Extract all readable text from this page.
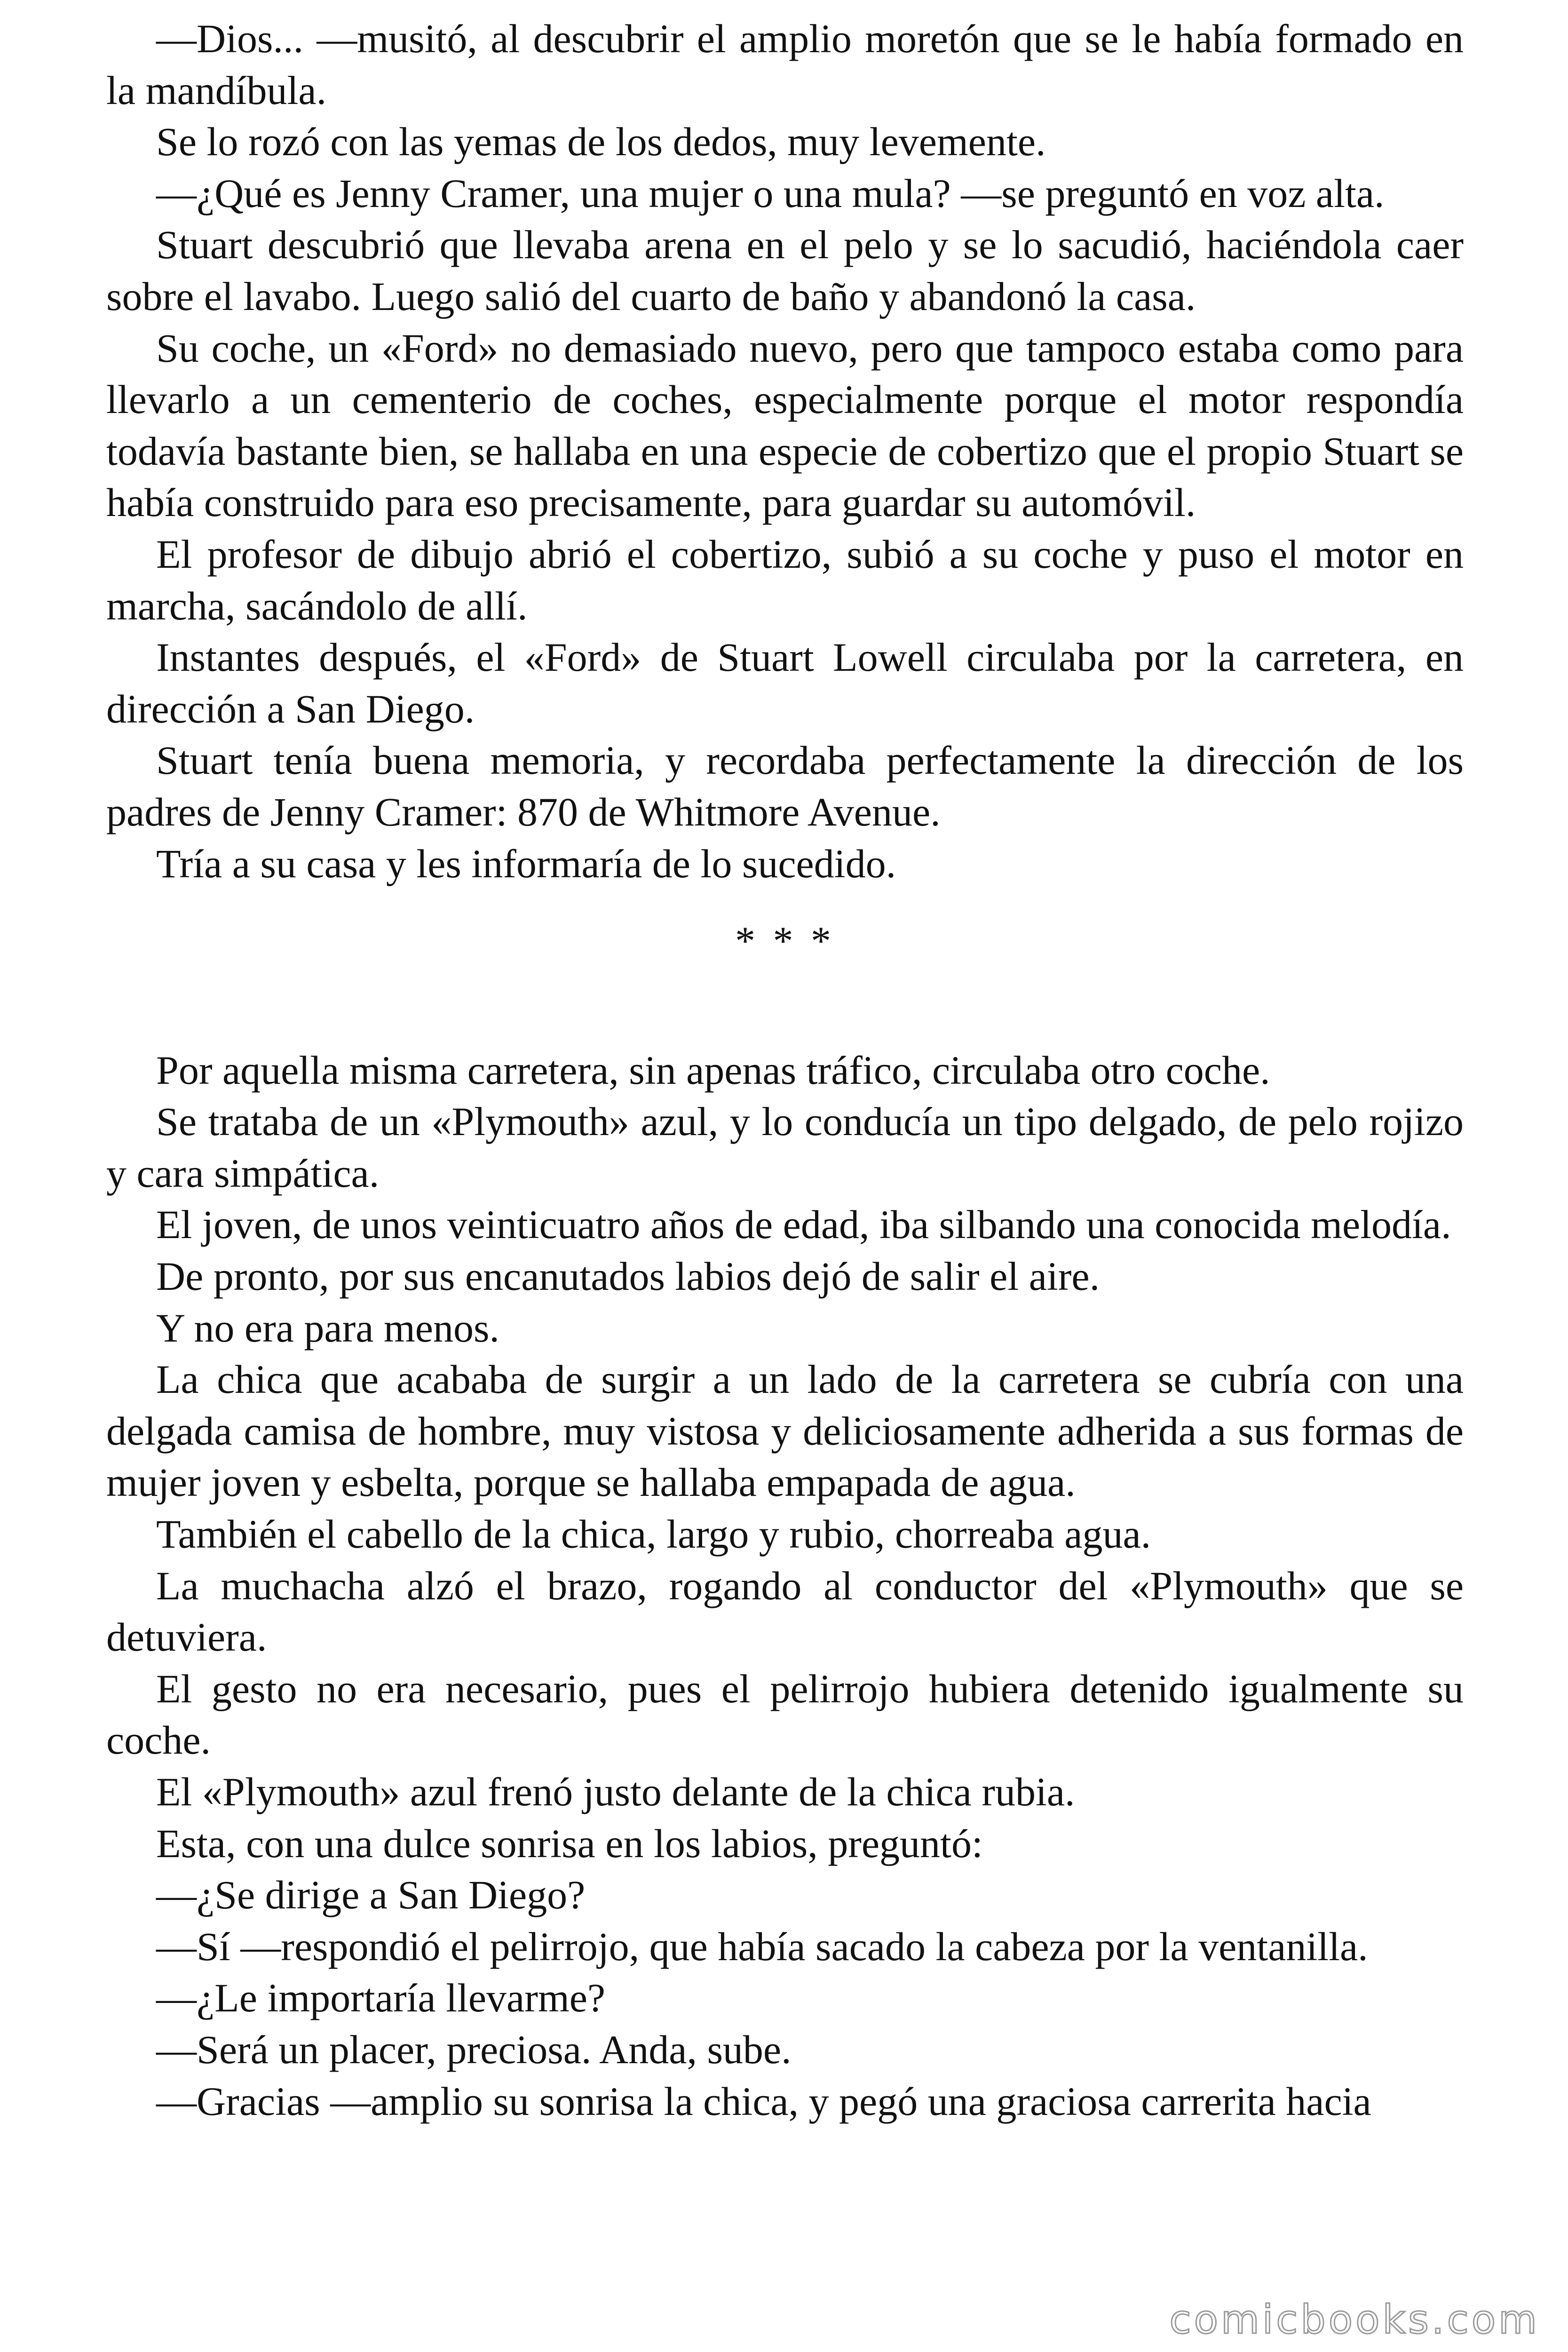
—Dios... —musitó, al descubrir el amplio moretón que se le había formado en la mandíbula.

Se lo rozó con las yemas de los dedos, muy levemente.

—¿Qué es Jenny Cramer, una mujer o una mula? —se preguntó en voz alta.

Stuart descubrió que llevaba arena en el pelo y se lo sacudió, haciéndola caer sobre el lavabo. Luego salió del cuarto de baño y abandonó la casa.

Su coche, un «Ford» no demasiado nuevo, pero que tampoco estaba como para llevarlo a un cementerio de coches, especialmente porque el motor respondía todavía bastante bien, se hallaba en una especie de cobertizo que el propio Stuart se había construido para eso precisamente, para guardar su automóvil.

El profesor de dibujo abrió el cobertizo, subió a su coche y puso el motor en marcha, sacándolo de allí.

Instantes después, el «Ford» de Stuart Lowell circulaba por la carretera, en dirección a San Diego.

Stuart tenía buena memoria, y recordaba perfectamente la dirección de los padres de Jenny Cramer: 870 de Whitmore Avenue.

Tría a su casa y les informaría de lo sucedido.

* * *

Por aquella misma carretera, sin apenas tráfico, circulaba otro coche.

Se trataba de un «Plymouth» azul, y lo conducía un tipo delgado, de pelo rojizo y cara simpática.

El joven, de unos veinticuatro años de edad, iba silbando una conocida melodía.

De pronto, por sus encanutados labios dejó de salir el aire.

Y no era para menos.

La chica que acababa de surgir a un lado de la carretera se cubría con una delgada camisa de hombre, muy vistosa y deliciosamente adherida a sus formas de mujer joven y esbelta, porque se hallaba empapada de agua.

También el cabello de la chica, largo y rubio, chorreaba agua.

La muchacha alzó el brazo, rogando al conductor del «Plymouth» que se detuviera.

El gesto no era necesario, pues el pelirrojo hubiera detenido igualmente su coche.

El «Plymouth» azul frenó justo delante de la chica rubia.

Esta, con una dulce sonrisa en los labios, preguntó:

—¿Se dirige a San Diego?

—Sí —respondió el pelirrojo, que había sacado la cabeza por la ventanilla.

—¿Le importaría llevarme?

—Será un placer, preciosa. Anda, sube.

—Gracias —amplio su sonrisa la chica, y pegó una graciosa carrerita hacia

comicbooks.com
